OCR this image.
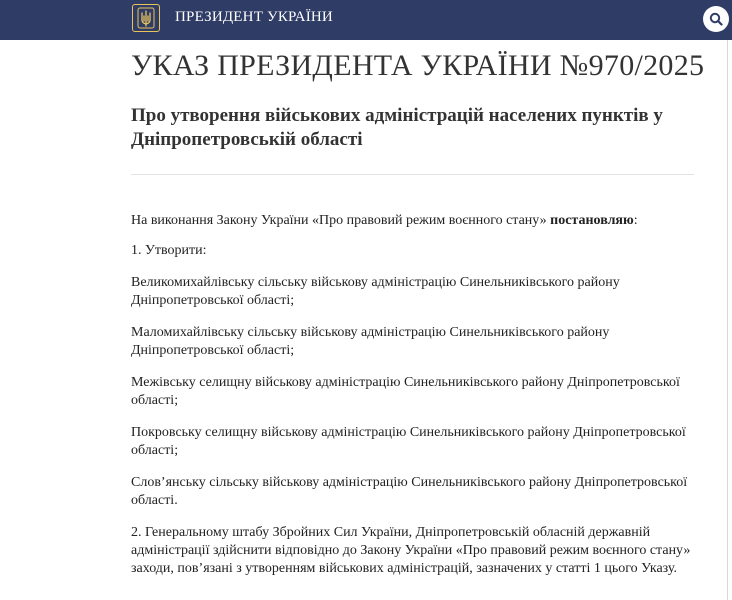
ПРЕЗИДЕНТ УКРАЇНИ
УКАЗ ПРЕЗИДЕНТА УКРАЇНИ №970/2025
Про утворення військових адміністрацій населених пунктів у Дніпропетровській області

На виконання Закону України «Про правовий режим воєнного стану» постановляю:

1. Утворити:

Великомихайлівську сільську військову адміністрацію Синельниківського району Дніпропетровської області;

Маломихайлівську сільську військову адміністрацію Синельниківського району Дніпропетровської області;

Межівську селищну військову адміністрацію Синельниківського району Дніпропетровської області;

Покровську селищну військову адміністрацію Синельниківського району Дніпропетровської області;

Слов’янську сільську військову адміністрацію Синельниківського району Дніпропетровської області.

2. Генеральному штабу Збройних Сил України, Дніпропетровській обласній державній адміністрації здійснити відповідно до Закону України «Про правовий режим воєнного стану» заходи, пов’язані з утворенням військових адміністрацій, зазначених у статті 1 цього Указу.
